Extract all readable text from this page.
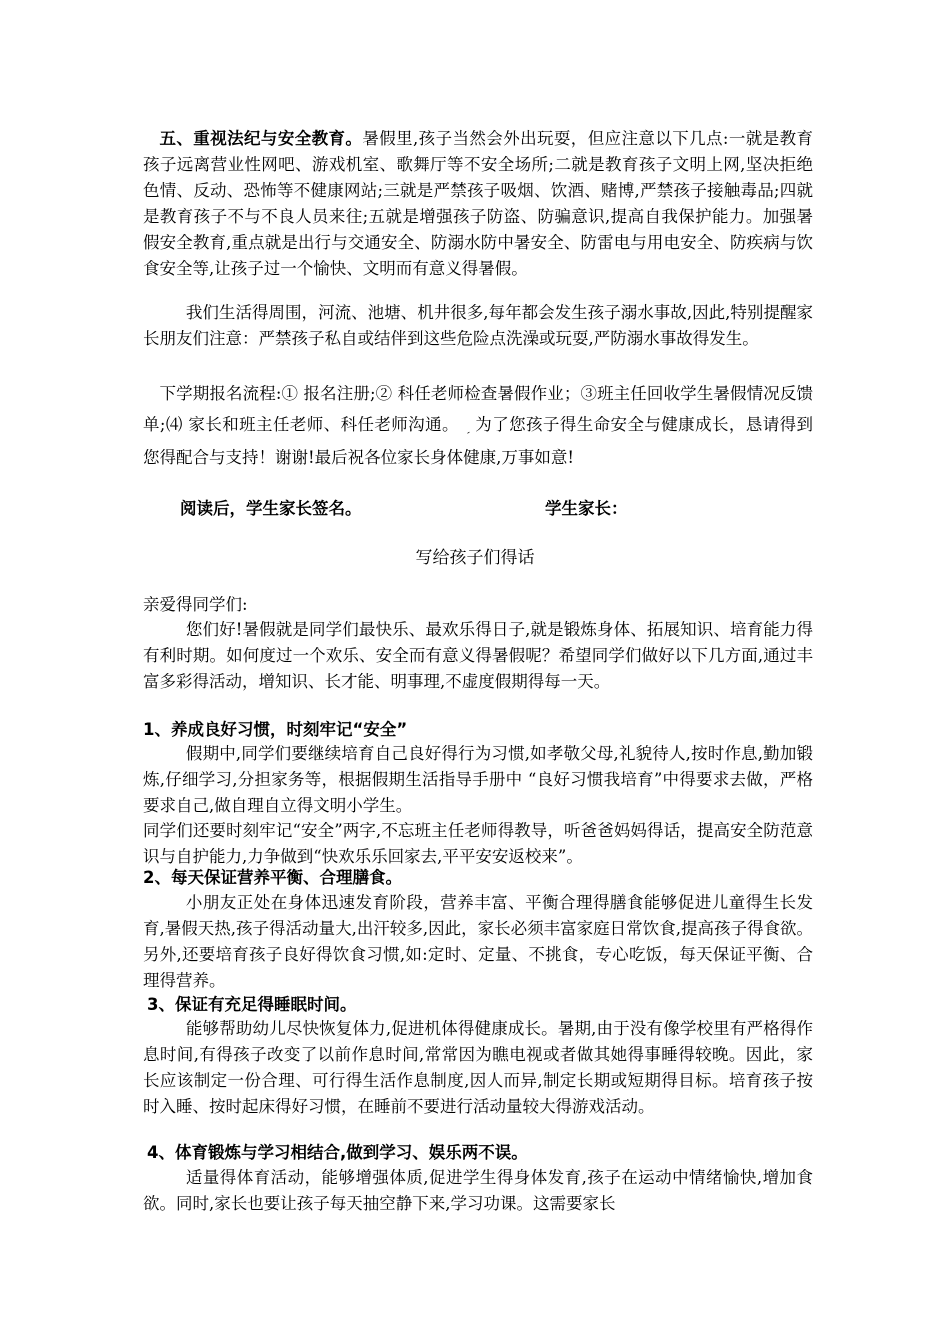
五、重视法纪与安全教育。暑假里,孩子当然会外出玩耍，但应注意以下几点:一就是教育孩子远离营业性网吧、游戏机室、歌舞厅等不安全场所;二就是教育孩子文明上网,坚决拒绝色情、反动、恐怖等不健康网站;三就是严禁孩子吸烟、饮酒、赌博,严禁孩子接触毒品;四就是教育孩子不与不良人员来往;五就是增强孩子防盗、防骗意识,提高自我保护能力。加强暑假安全教育,重点就是出行与交通安全、防溺水防中暑安全、防雷电与用电安全、防疾病与饮食安全等,让孩子过一个愉快、文明而有意义得暑假。

我们生活得周围，河流、池塘、机井很多,每年都会发生孩子溺水事故,因此,特别提醒家长朋友们注意：严禁孩子私自或结伴到这些危险点洗澡或玩耍,严防溺水事故得发生。

下学期报名流程:① 报名注册;② 科任老师检查暑假作业；③班主任回收学生暑假情况反馈单;⑷ 家长和班主任老师、科任老师沟通。 为了您孩子得生命安全与健康成长，恳请得到您得配合与支持！谢谢!最后祝各位家长身体健康,万事如意!

阅读后，学生家长签名。	学生家长：
写给孩子们得话

亲爱得同学们:

您们好!暑假就是同学们最快乐、最欢乐得日子,就是锻炼身体、拓展知识、培育能力得有利时期。如何度过一个欢乐、安全而有意义得暑假呢？希望同学们做好以下几方面,通过丰富多彩得活动，增知识、长才能、明事理,不虚度假期得每一天。

1、养成良好习惯，时刻牢记“安全”

假期中,同学们要继续培育自己良好得行为习惯,如孝敬父母,礼貌待人,按时作息,勤加锻炼,仔细学习,分担家务等，根据假期生活指导手册中 “良好习惯我培育”中得要求去做，严格要求自己,做自理自立得文明小学生。

同学们还要时刻牢记“安全”两字,不忘班主任老师得教导，听爸爸妈妈得话，提高安全防范意识与自护能力,力争做到“快欢乐乐回家去,平平安安返校来”。

2、每天保证营养平衡、合理膳食。

小朋友正处在身体迅速发育阶段，营养丰富、平衡合理得膳食能够促进儿童得生长发育,暑假天热,孩子得活动量大,出汗较多,因此，家长必须丰富家庭日常饮食,提高孩子得食欲。另外,还要培育孩子良好得饮食习惯,如:定时、定量、不挑食，专心吃饭，每天保证平衡、合理得营养。

3、保证有充足得睡眠时间。

能够帮助幼儿尽快恢复体力,促进机体得健康成长。暑期,由于没有像学校里有严格得作息时间,有得孩子改变了以前作息时间,常常因为瞧电视或者做其她得事睡得较晚。因此，家长应该制定一份合理、可行得生活作息制度,因人而异,制定长期或短期得目标。培育孩子按时入睡、按时起床得好习惯，在睡前不要进行活动量较大得游戏活动。

4、体育锻炼与学习相结合,做到学习、娱乐两不误。

适量得体育活动，能够增强体质,促进学生得身体发育,孩子在运动中情绪愉快,增加食欲。同时,家长也要让孩子每天抽空静下来,学习功课。这需要家长
